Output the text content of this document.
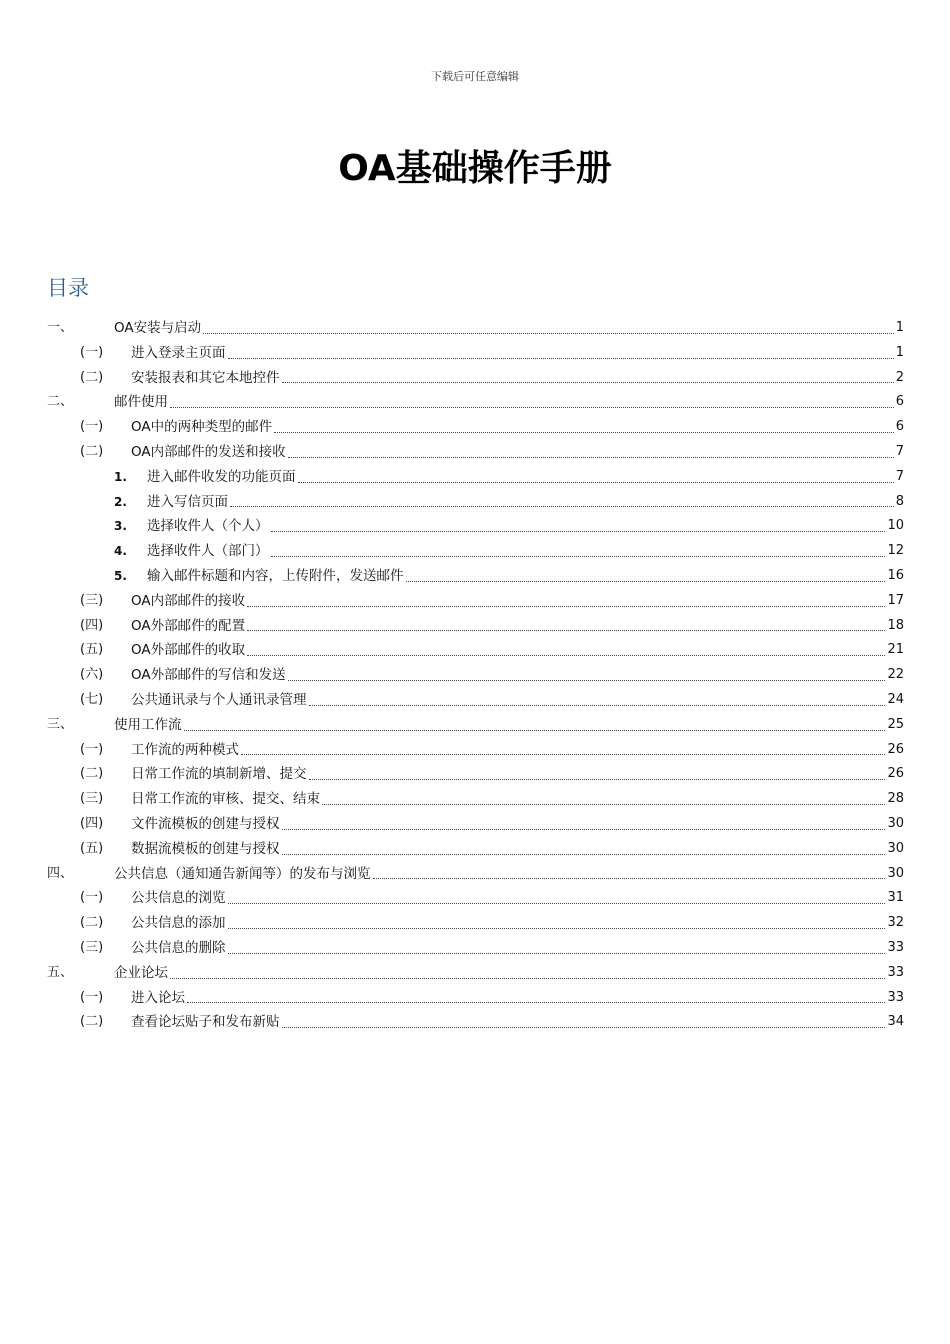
下载后可任意编辑
OA基础操作手册
目录
一、	OA安装与启动	1
(一)	进入登录主页面	1
(二)	安装报表和其它本地控件	2
二、	邮件使用	6
(一)	OA中的两种类型的邮件	6
(二)	OA内部邮件的发送和接收	7
1.	进入邮件收发的功能页面	7
2.	进入写信页面	8
3.	选择收件人（个人）	10
4.	选择收件人（部门）	12
5.	输入邮件标题和内容，上传附件，发送邮件	16
(三)	OA内部邮件的接收	17
(四)	OA外部邮件的配置	18
(五)	OA外部邮件的收取	21
(六)	OA外部邮件的写信和发送	22
(七)	公共通讯录与个人通讯录管理	24
三、	使用工作流	25
(一)	工作流的两种模式	26
(二)	日常工作流的填制新增、提交	26
(三)	日常工作流的审核、提交、结束	28
(四)	文件流模板的创建与授权	30
(五)	数据流模板的创建与授权	30
四、	公共信息（通知通告新闻等）的发布与浏览	30
(一)	公共信息的浏览	31
(二)	公共信息的添加	32
(三)	公共信息的删除	33
五、	企业论坛	33
(一)	进入论坛	33
(二)	查看论坛贴子和发布新贴	34
